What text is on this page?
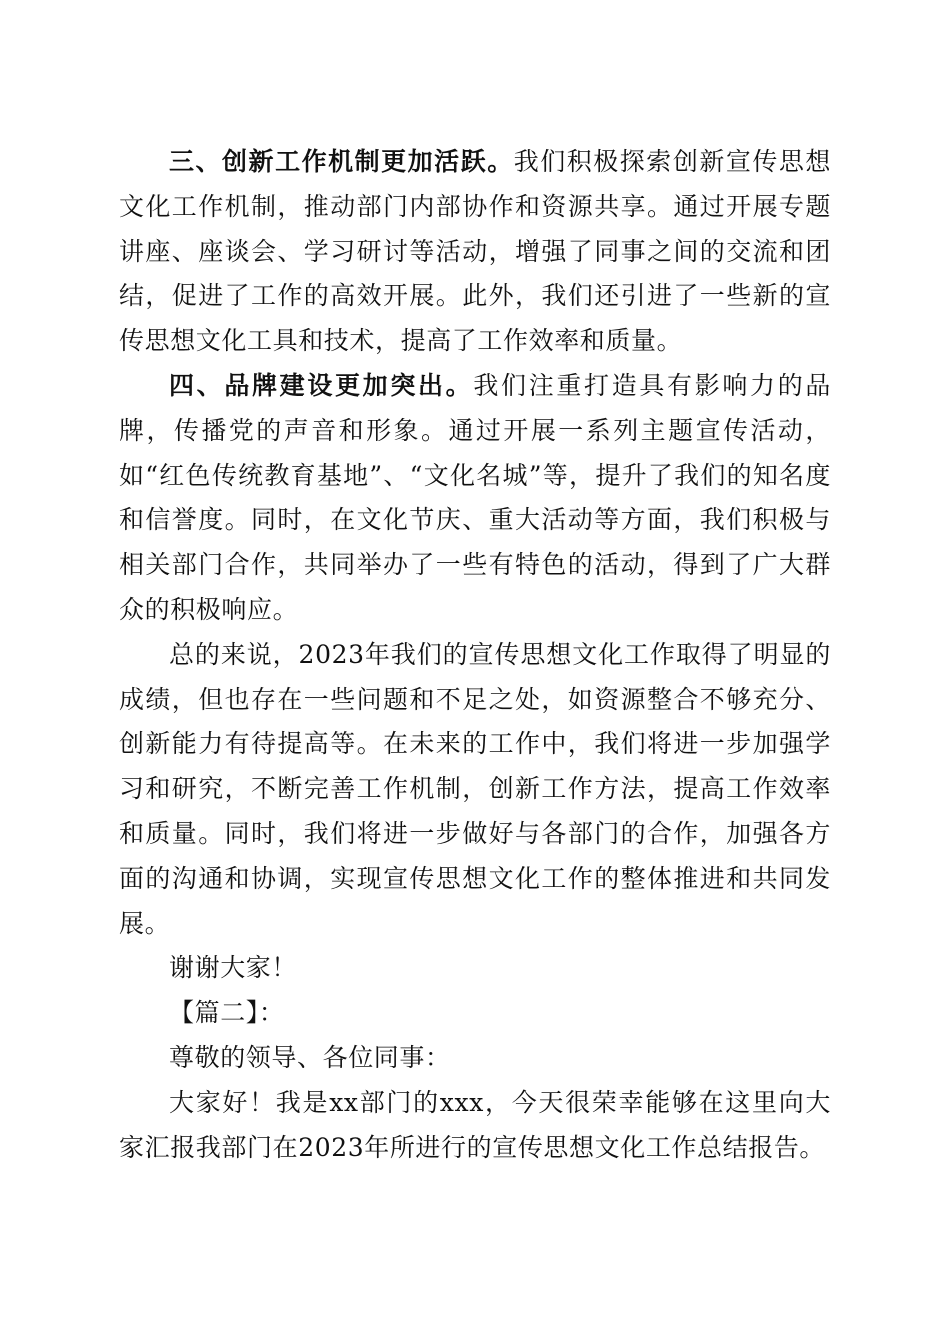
三、创新工作机制更加活跃。我们积极探索创新宣传思想文化工作机制，推动部门内部协作和资源共享。通过开展专题讲座、座谈会、学习研讨等活动，增强了同事之间的交流和团结，促进了工作的高效开展。此外，我们还引进了一些新的宣传思想文化工具和技术，提高了工作效率和质量。

四、品牌建设更加突出。我们注重打造具有影响力的品牌，传播党的声音和形象。通过开展一系列主题宣传活动，如“红色传统教育基地”、“文化名城”等，提升了我们的知名度和信誉度。同时，在文化节庆、重大活动等方面，我们积极与相关部门合作，共同举办了一些有特色的活动，得到了广大群众的积极响应。

总的来说，2023年我们的宣传思想文化工作取得了明显的成绩，但也存在一些问题和不足之处，如资源整合不够充分、创新能力有待提高等。在未来的工作中，我们将进一步加强学习和研究，不断完善工作机制，创新工作方法，提高工作效率和质量。同时，我们将进一步做好与各部门的合作，加强各方面的沟通和协调，实现宣传思想文化工作的整体推进和共同发展。

谢谢大家！

【篇二】：

尊敬的领导、各位同事：

大家好！我是xx部门的xxx，今天很荣幸能够在这里向大家汇报我部门在2023年所进行的宣传思想文化工作总结报告。
